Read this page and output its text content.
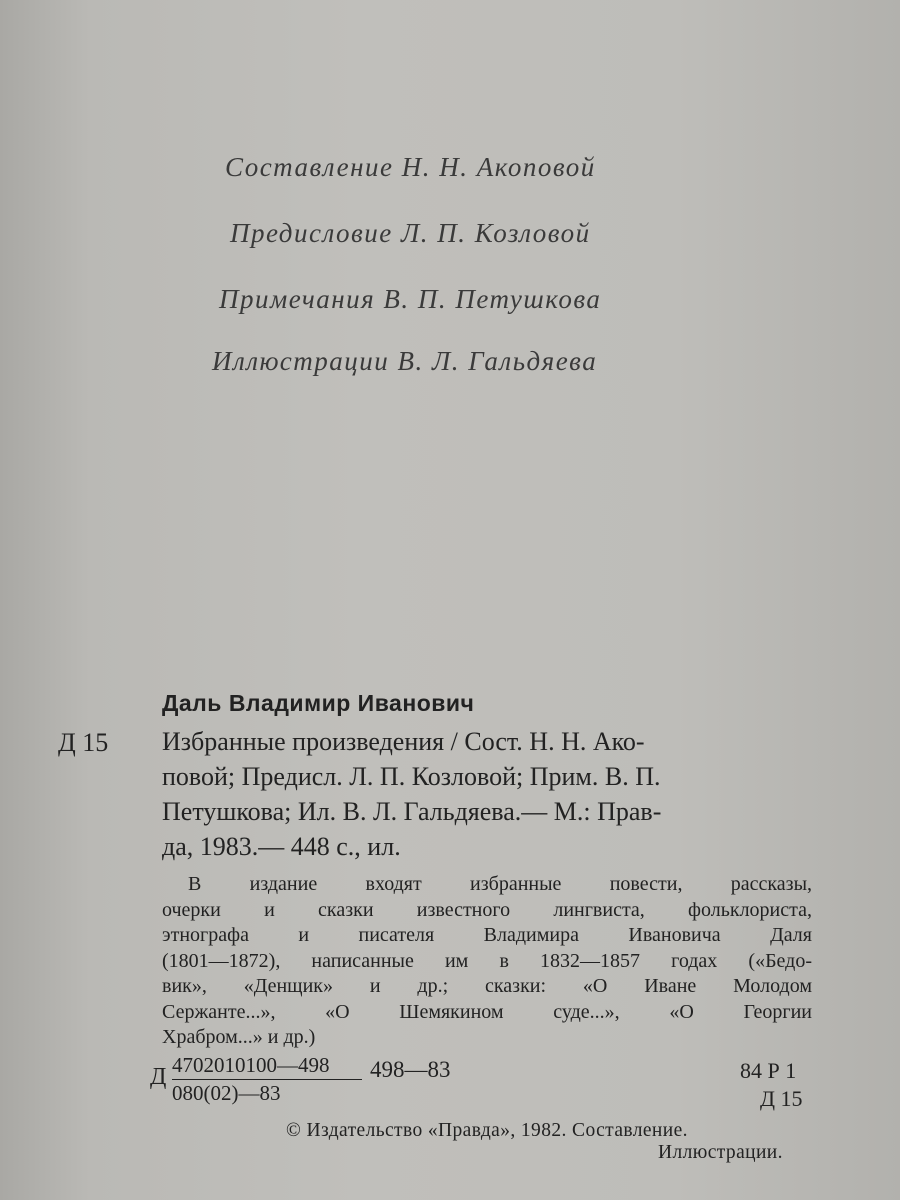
Составление Н. Н. Акоповой
Предисловие Л. П. Козловой
Примечания В. П. Петушкова
Иллюстрации В. Л. Гальдяева
Даль Владимир Иванович
Д 15 Избранные произведения / Сост. Н. Н. Ако-
повой; Предисл. Л. П. Козловой; Прим. В. П.
Петушкова; Ил. В. Л. Гальдяева.— М.: Прав-
да, 1983.— 448 с., ил.
В издание входят избранные повести, рассказы,
очерки и сказки известного лингвиста, фольклориста,
этнографа и писателя Владимира Ивановича Даля
(1801—1872), написанные им в 1832—1857 годах («Бедо-
вик», «Денщик» и др.; сказки: «О Иване Молодом
Сержанте...», «О Шемякином суде...», «О Георгии
Храбром...» и др.)
Д $\frac{4702010100—498}{080(02)—83}$ 498—83	84 Р 1
Д 15
© Издательство «Правда», 1982. Составление.
Иллюстрации.
